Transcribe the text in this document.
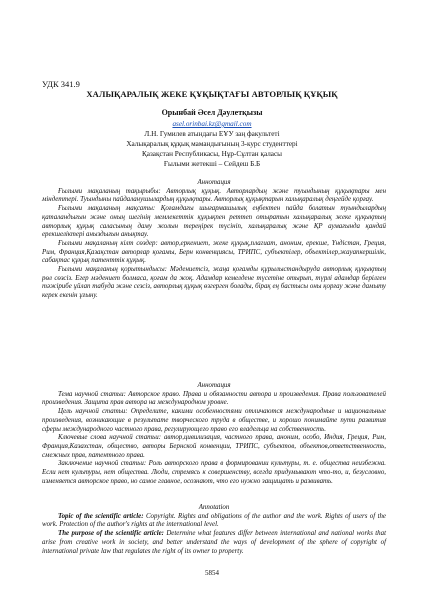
УДК 341.9
ХАЛЫҚАРАЛЫҚ ЖЕКЕ ҚҰҚЫҚТАҒЫ АВТОРЛЫҚ ҚҰҚЫҚ
Орынбай Әсел Дәулетқызы
asel.orinbai.kz@gmail.com
Л.Н. Гумилев атындағы ЕҰУ заң факультеті
Халықаралық құқық мамандығының 3-курс студенттері
Қазақстан Республикасы, Нұр-Сұлтан қаласы
Ғылыми жетекші – Сейдеш Б.Б
Аннотация

Ғылыми мақаланың тақырыбы: Авторлық құқық. Авторлардың және туындының құқықтары мен міндеттері. Туындыны пайдаланушылардың құқықтары. Авторлық құқықтарын халықаралық деңгейде қорғау.

Ғылыми мақаланың мақсаты: Қоғамдағы шығармашылық еңбектен пайда болатын туындылардың қаталандығын және оның шегінің мемлекеттік құқықпен реттеп отыратын халықаралық жеке құқықтың авторлық құқық саласының даму жолын тереңірек түсініп, халықаралық және ҚР аумағында қандай ерекшеліктері аныздығын анықтау.

Ғылыми мақаланың кілт сөздер: автор,еркениет, жеке құқық,плагиат, аноним, ерекше, Үндістан, Греция, Рим, Франция,Қазақстан авторлар қоғамы, Берн конвенциясы, ТРИПС, субъектілер, объектілер,жауапкершілік, сабақтас құқық патенттік құқық.

Ғылыми мақаланың қорытындысы: Мәдениетсіз, жаңа қоғамды құрылыстандыруда авторлық құқықтың рөл сөзсіз. Егер мәдениет болмаса, қоғам да жоқ. Адамдар кемелдене түсетіне отырып, түрлі адамдар берілген тәжірибе ұйлап табуда және сезсіз, авторлық құқық өзгерген болады, бірақ ең бастысы оны қорғау және дамыту керек екенін ұғыну.

Аннотация

Тема научной статьи: Авторское право. Права и обязанности автора и произведения. Права пользователей произведения. Защита прав автора на международном уровне.

Цель научной статьи: Определите, какими особенностями отличаются международные и национальные произведения, возникающие в результате творческого труда в обществе, и хорошо понимайте пути развития сферы международного частного права, регулирующего право его владельца на собственность.

Ключевые слова научной статьи: автор,цивилизация, частного права, аноним, особо, Индия, Греция, Рим, Франция,Казахстан, общество, авторы Бернской конвенции, ТРИПС, субъектов, объектов,ответственность, смежных прав, патентного права.

Заключение научной статьи: Роль авторского права в формировании культуры, т. е. общества неизбежна. Если нет культуры, нет общества. Люди, стремясь к совершенству, всегда придумывают что-то, и, безусловно, изменяется авторское право, но самое главное, осознают, что его нужно защищать и развивать.

Annotation

Topic of the scientific article: Copyright. Rights and obligations of the author and the work. Rights of users of the work. Protection of the author's rights at the international level.

The purpose of the scientific article: Determine what features differ between international and national works that arise from creative work in society, and better understand the ways of development of the sphere of copyright of international private law that regulates the right of its owner to property.

5854
